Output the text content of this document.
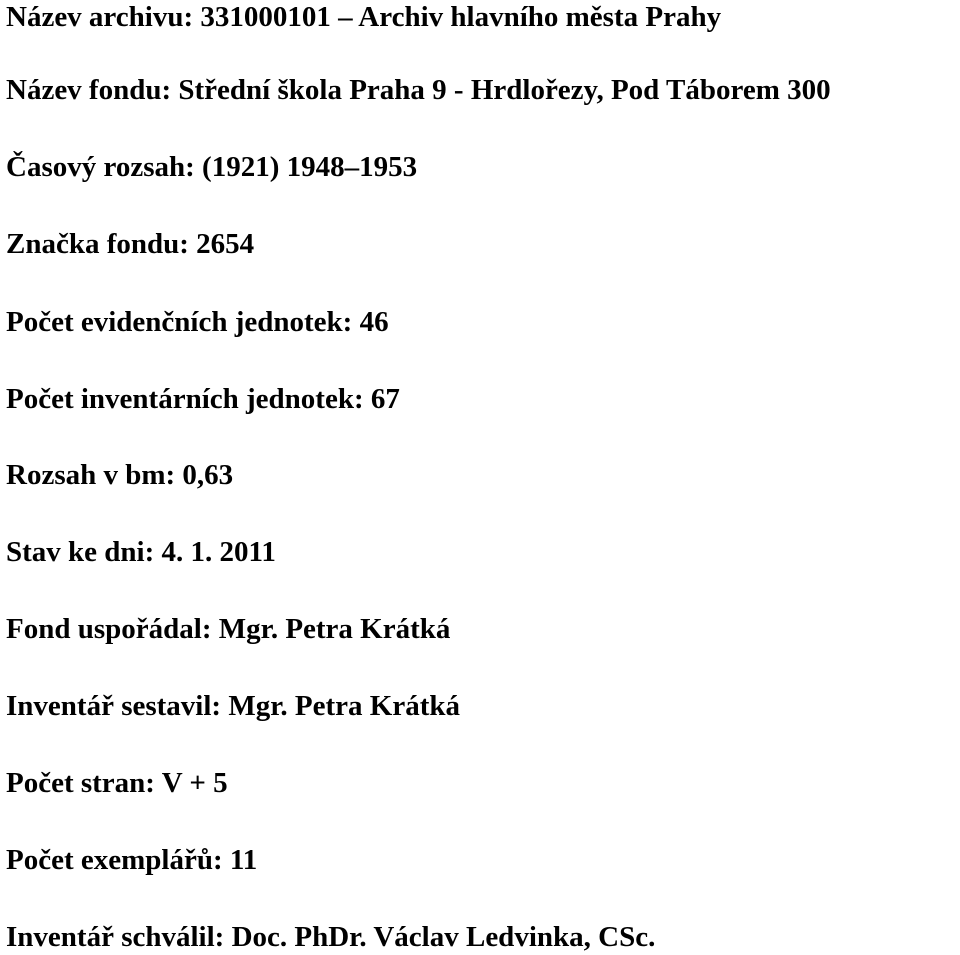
Název archivu: 331000101 – Archiv hlavního města Prahy
Název fondu: Střední škola Praha 9 - Hrdlořezy, Pod Táborem 300
Časový rozsah: (1921) 1948–1953
Značka fondu: 2654
Počet evidenčních jednotek: 46
Počet inventárních jednotek: 67
Rozsah v bm: 0,63
Stav ke dni: 4. 1. 2011
Fond uspořádal: Mgr. Petra Krátká
Inventář sestavil: Mgr. Petra Krátká
Počet stran: V + 5
Počet exemplářů: 11
Inventář schválil: Doc. PhDr. Václav Ledvinka, CSc.
